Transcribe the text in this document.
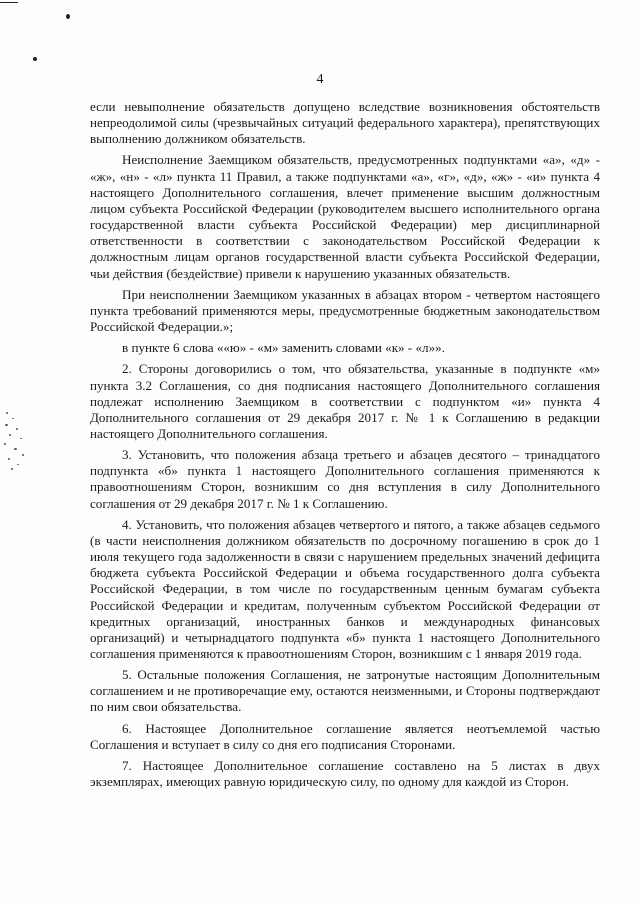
4

если невыполнение обязательств допущено вследствие возникновения обстоятельств непреодолимой силы (чрезвычайных ситуаций федерального характера), препятствующих выполнению должником обязательств.

Неисполнение Заемщиком обязательств, предусмотренных подпунктами «а», «д» - «ж», «н» - «л» пункта 11 Правил, а также подпунктами «а», «г», «д», «ж» - «и» пункта 4 настоящего Дополнительного соглашения, влечет применение высшим должностным лицом субъекта Российской Федерации (руководителем высшего исполнительного органа государственной власти субъекта Российской Федерации) мер дисциплинарной ответственности в соответствии с законодательством Российской Федерации к должностным лицам органов государственной власти субъекта Российской Федерации, чьи действия (бездействие) привели к нарушению указанных обязательств.

При неисполнении Заемщиком указанных в абзацах втором - четвертом настоящего пункта требований применяются меры, предусмотренные бюджетным законодательством Российской Федерации.»;

в пункте 6 слова ««ю» - «м» заменить словами «к» - «л»».

2. Стороны договорились о том, что обязательства, указанные в подпункте «м» пункта 3.2 Соглашения, со дня подписания настоящего Дополнительного соглашения подлежат исполнению Заемщиком в соответствии с подпунктом «и» пункта 4 Дополнительного соглашения от 29 декабря 2017 г. № 1 к Соглашению в редакции настоящего Дополнительного соглашения.

3. Установить, что положения абзаца третьего и абзацев десятого – тринадцатого подпункта «б» пункта 1 настоящего Дополнительного соглашения применяются к правоотношениям Сторон, возникшим со дня вступления в силу Дополнительного соглашения от 29 декабря 2017 г. № 1 к Соглашению.

4. Установить, что положения абзацев четвертого и пятого, а также абзацев седьмого (в части неисполнения должником обязательств по досрочному погашению в срок до 1 июля текущего года задолженности в связи с нарушением предельных значений дефицита бюджета субъекта Российской Федерации и объема государственного долга субъекта Российской Федерации, в том числе по государственным ценным бумагам субъекта Российской Федерации и кредитам, полученным субъектом Российской Федерации от кредитных организаций, иностранных банков и международных финансовых организаций) и четырнадцатого подпункта «б» пункта 1 настоящего Дополнительного соглашения применяются к правоотношениям Сторон, возникшим с 1 января 2019 года.

5. Остальные положения Соглашения, не затронутые настоящим Дополнительным соглашением и не противоречащие ему, остаются неизменными, и Стороны подтверждают по ним свои обязательства.

6. Настоящее Дополнительное соглашение является неотъемлемой частью Соглашения и вступает в силу со дня его подписания Сторонами.

7. Настоящее Дополнительное соглашение составлено на 5 листах в двух экземплярах, имеющих равную юридическую силу, по одному для каждой из Сторон.
